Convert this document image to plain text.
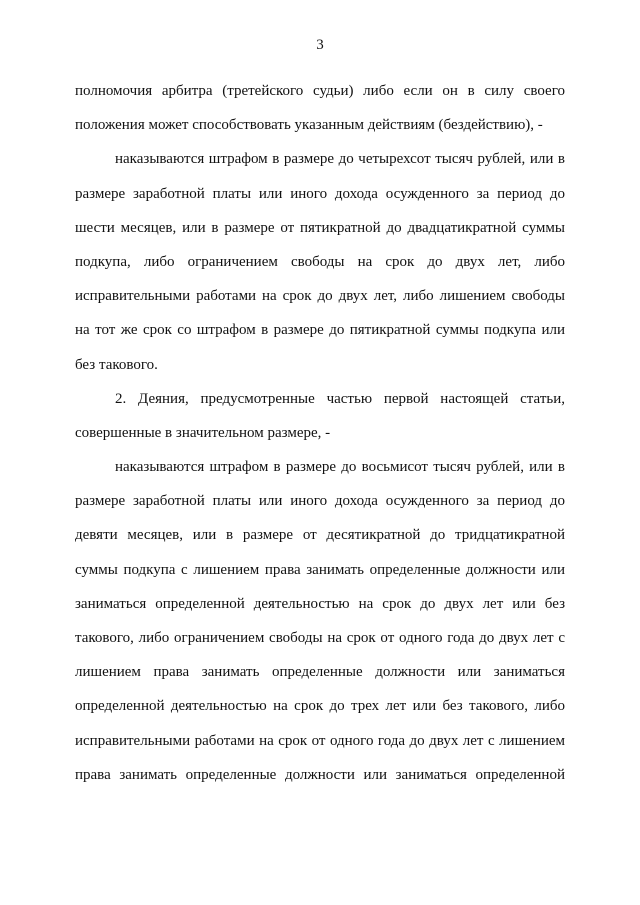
3
полномочия арбитра (третейского судьи) либо если он в силу своего
положения может способствовать указанным действиям (бездействию), -
наказываются штрафом в размере до четырехсот тысяч рублей, или в
размере заработной платы или иного дохода осужденного за период до
шести месяцев, или в размере от пятикратной до двадцатикратной суммы
подкупа, либо ограничением свободы на срок до двух лет, либо
исправительными работами на срок до двух лет, либо лишением свободы
на тот же срок со штрафом в размере до пятикратной суммы подкупа или
без такового.
2. Деяния, предусмотренные частью первой настоящей статьи,
совершенные в значительном размере, -
наказываются штрафом в размере до восьмисот тысяч рублей, или в
размере заработной платы или иного дохода осужденного за период до
девяти месяцев, или в размере от десятикратной до тридцатикратной
суммы подкупа с лишением права занимать определенные должности или
заниматься определенной деятельностью на срок до двух лет или без
такового, либо ограничением свободы на срок от одного года до двух лет с
лишением права занимать определенные должности или заниматься
определенной деятельностью на срок до трех лет или без такового, либо
исправительными работами на срок от одного года до двух лет с лишением
права занимать определенные должности или заниматься определенной
